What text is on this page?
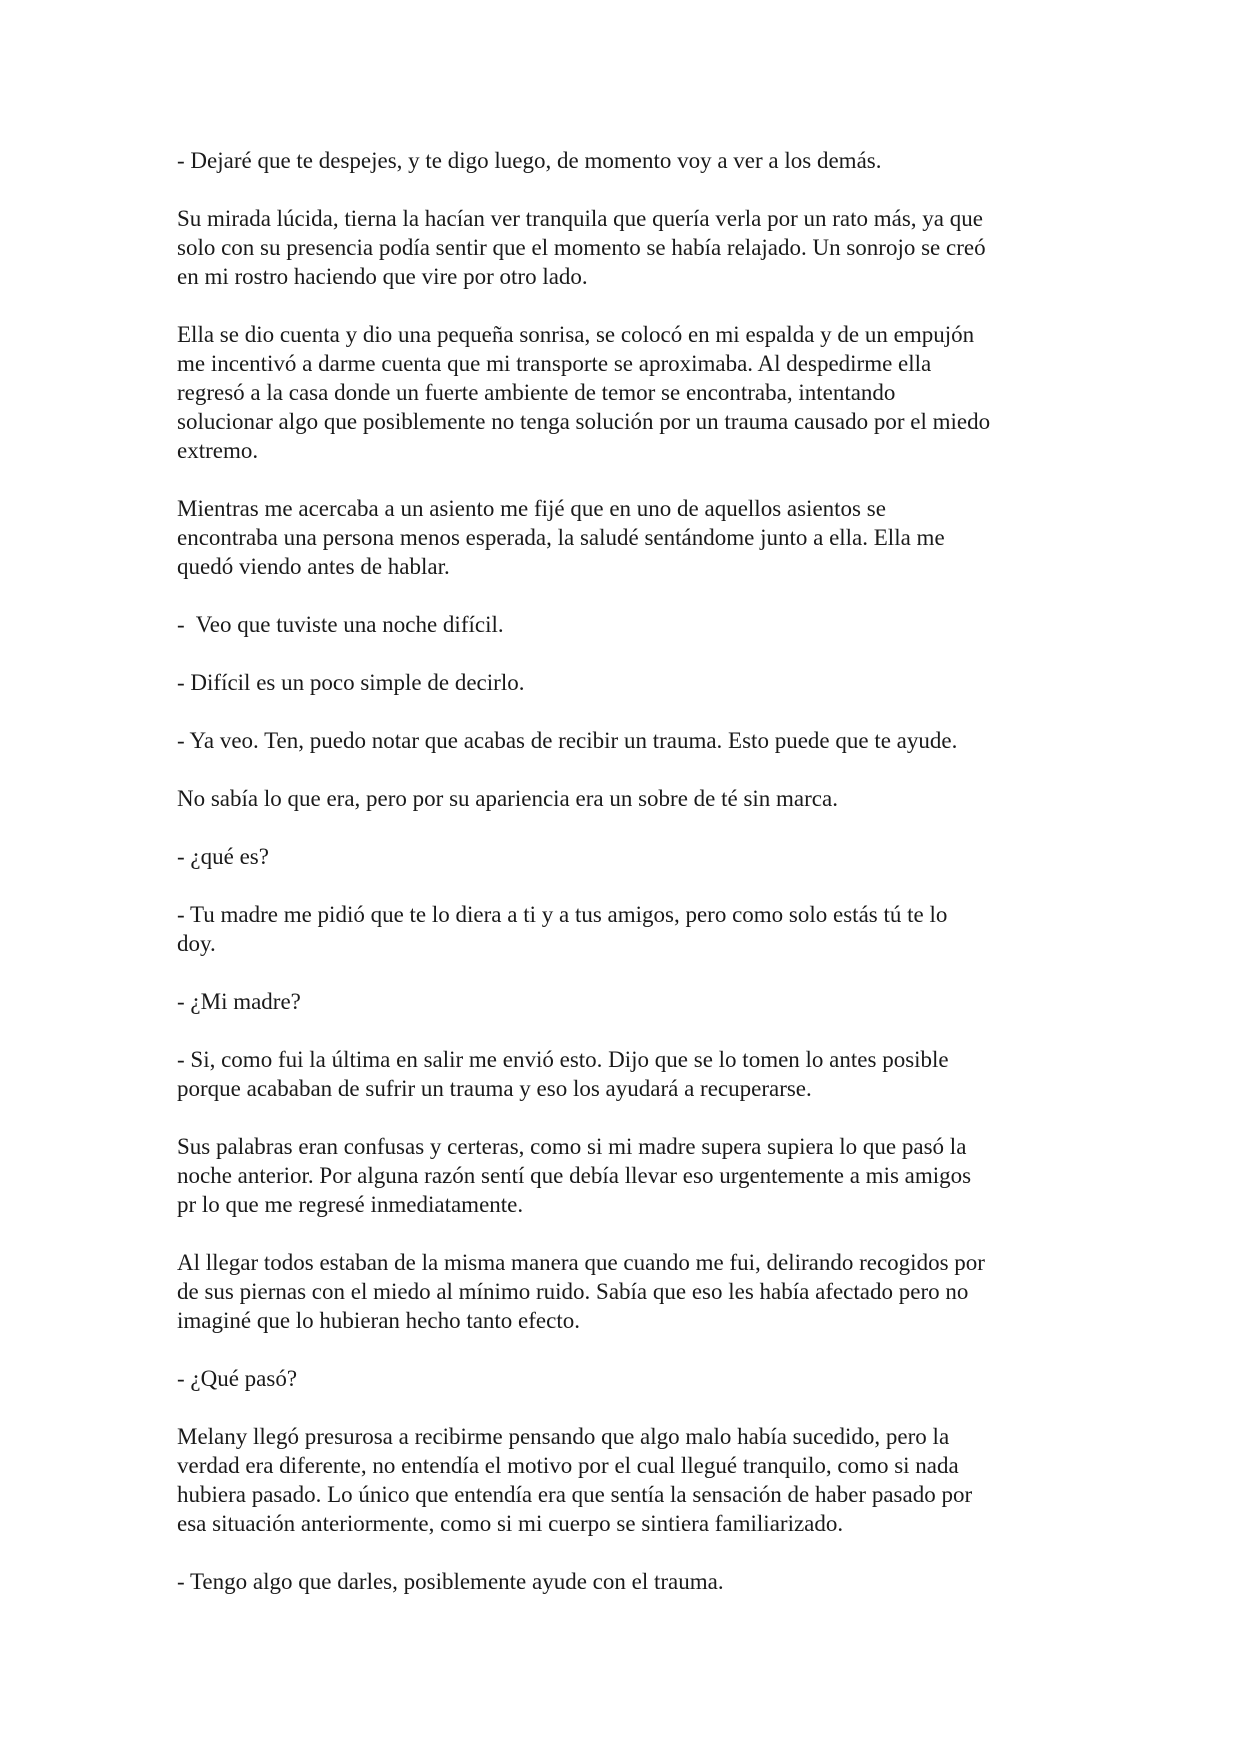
- Dejaré que te despejes, y te digo luego, de momento voy a ver a los demás.

Su mirada lúcida, tierna la hacían ver tranquila que quería verla por un rato más, ya que
solo con su presencia podía sentir que el momento se había relajado. Un sonrojo se creó
en mi rostro haciendo que vire por otro lado.

Ella se dio cuenta y dio una pequeña sonrisa, se colocó en mi espalda y de un empujón
me incentivó a darme cuenta que mi transporte se aproximaba. Al despedirme ella
regresó a la casa donde un fuerte ambiente de temor se encontraba, intentando
solucionar algo que posiblemente no tenga solución por un trauma causado por el miedo
extremo.

Mientras me acercaba a un asiento me fijé que en uno de aquellos asientos se
encontraba una persona menos esperada, la saludé sentándome junto a ella. Ella me
quedó viendo antes de hablar.

-  Veo que tuviste una noche difícil.

- Difícil es un poco simple de decirlo.

- Ya veo. Ten, puedo notar que acabas de recibir un trauma. Esto puede que te ayude.

No sabía lo que era, pero por su apariencia era un sobre de té sin marca.

- ¿qué es?

- Tu madre me pidió que te lo diera a ti y a tus amigos, pero como solo estás tú te lo
doy.

- ¿Mi madre?

- Si, como fui la última en salir me envió esto. Dijo que se lo tomen lo antes posible
porque acababan de sufrir un trauma y eso los ayudará a recuperarse.

Sus palabras eran confusas y certeras, como si mi madre supera supiera lo que pasó la
noche anterior. Por alguna razón sentí que debía llevar eso urgentemente a mis amigos
pr lo que me regresé inmediatamente.

Al llegar todos estaban de la misma manera que cuando me fui, delirando recogidos por
de sus piernas con el miedo al mínimo ruido. Sabía que eso les había afectado pero no
imaginé que lo hubieran hecho tanto efecto.

- ¿Qué pasó?

Melany llegó presurosa a recibirme pensando que algo malo había sucedido, pero la
verdad era diferente, no entendía el motivo por el cual llegué tranquilo, como si nada
hubiera pasado. Lo único que entendía era que sentía la sensación de haber pasado por
esa situación anteriormente, como si mi cuerpo se sintiera familiarizado.

- Tengo algo que darles, posiblemente ayude con el trauma.
